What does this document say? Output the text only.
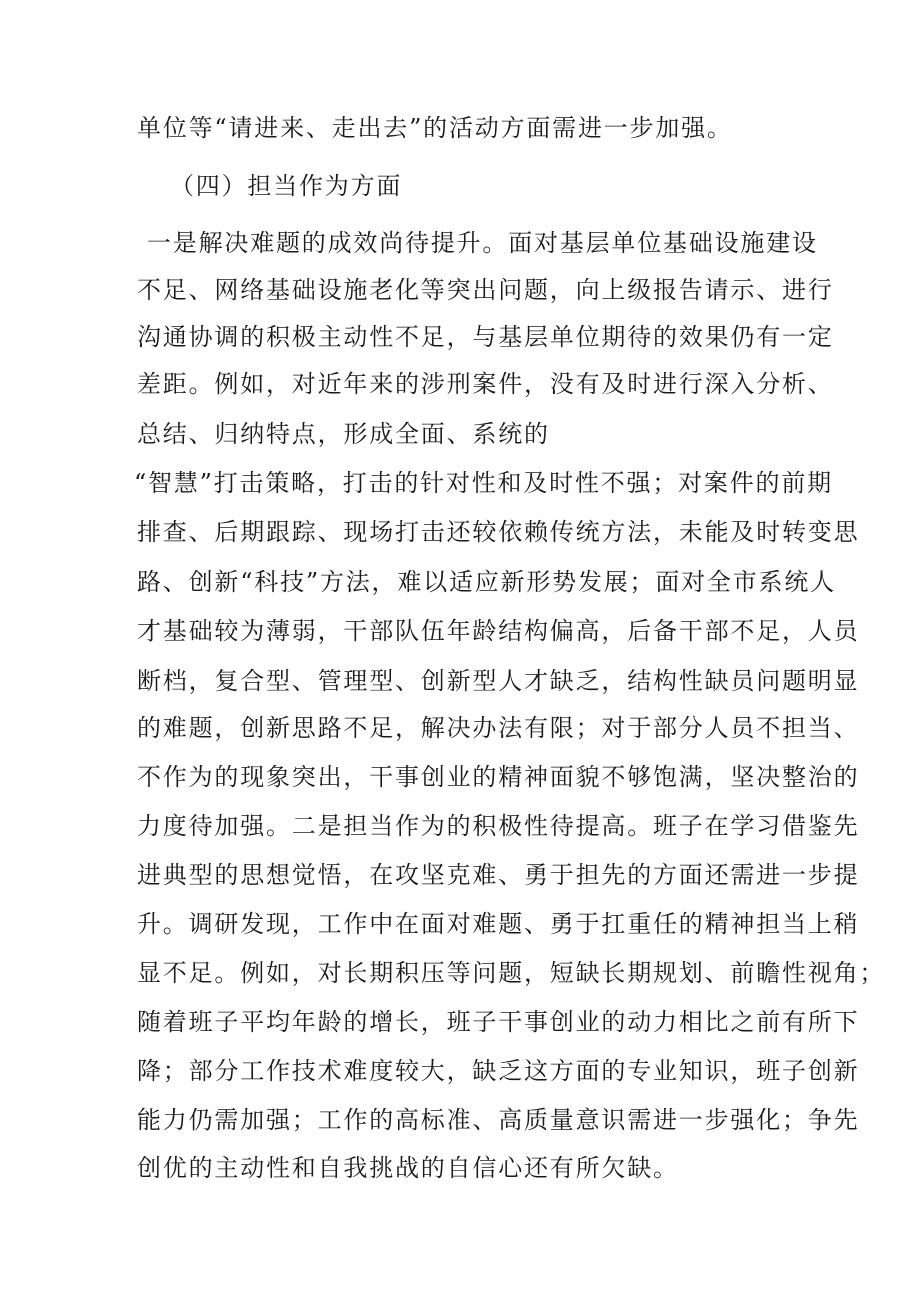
单位等“请进来、走出去”的活动方面需进一步加强。
（四）担当作为方面
一是解决难题的成效尚待提升。面对基层单位基础设施建设
不足、网络基础设施老化等突出问题，向上级报告请示、进行
沟通协调的积极主动性不足，与基层单位期待的效果仍有一定
差距。例如，对近年来的涉刑案件，没有及时进行深入分析、
总结、归纳特点，形成全面、系统的
“智慧”打击策略，打击的针对性和及时性不强；对案件的前期
排查、后期跟踪、现场打击还较依赖传统方法，未能及时转变思
路、创新“科技”方法，难以适应新形势发展；面对全市系统人
才基础较为薄弱，干部队伍年龄结构偏高，后备干部不足，人员
断档，复合型、管理型、创新型人才缺乏，结构性缺员问题明显
的难题，创新思路不足，解决办法有限；对于部分人员不担当、
不作为的现象突出，干事创业的精神面貌不够饱满，坚决整治的
力度待加强。二是担当作为的积极性待提高。班子在学习借鉴先
进典型的思想觉悟，在攻坚克难、勇于担先的方面还需进一步提
升。调研发现，工作中在面对难题、勇于扛重任的精神担当上稍
显不足。例如，对长期积压等问题，短缺长期规划、前瞻性视角；
随着班子平均年龄的增长，班子干事创业的动力相比之前有所下
降；部分工作技术难度较大，缺乏这方面的专业知识，班子创新
能力仍需加强；工作的高标准、高质量意识需进一步强化；争先
创优的主动性和自我挑战的自信心还有所欠缺。
